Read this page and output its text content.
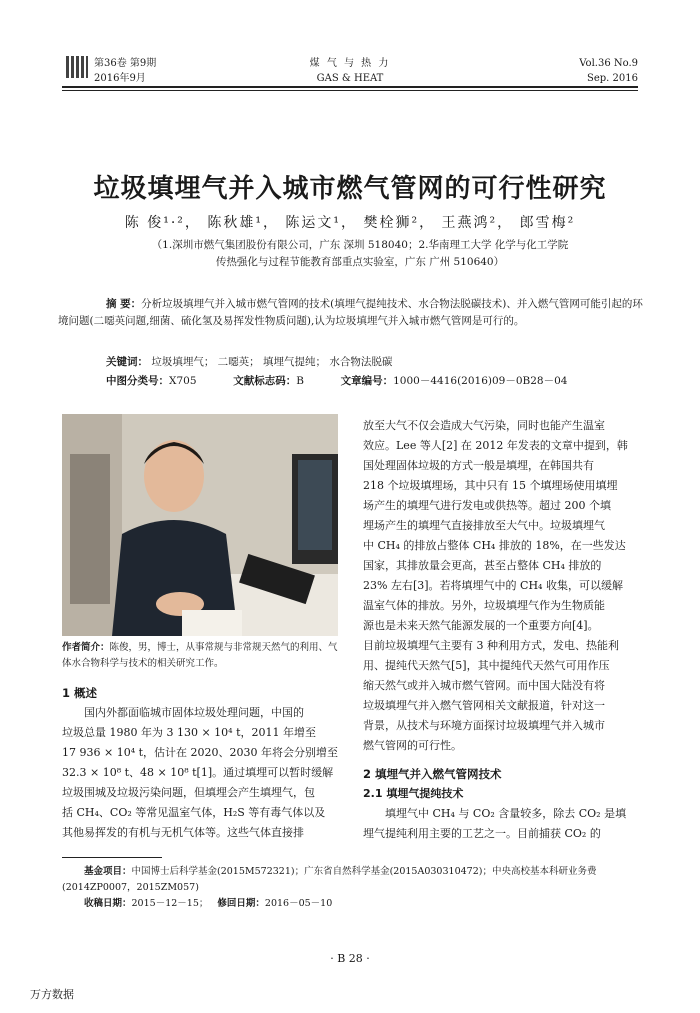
第36卷 第9期
2016年9月
煤 气 与 热 力
GAS & HEAT
Vol.36 No.9
Sep. 2016
垃圾填埋气并入城市燃气管网的可行性研究
陈 俊¹·²， 陈秋雄¹， 陈运文¹， 樊栓狮²， 王燕鸿²， 郎雪梅²
（1.深圳市燃气集团股份有限公司，广东 深圳 518040；2.华南理工大学 化学与化工学院
传热强化与过程节能教育部重点实验室，广东 广州 510640）
摘 要：分析垃圾填埋气并入城市燃气管网的技术(填埋气提纯技术、水合物法脱碳技术)、并入燃气管网可能引起的环境问题(二噁英问题,细菌、硫化氢及易挥发性物质问题),认为垃圾填埋气并入城市燃气管网是可行的。
关键词： 垃圾填埋气； 二噁英； 填埋气提纯； 水合物法脱碳
中图分类号：X705	文献标志码：B	文章编号：1000－4416(2016)09－0B28－04
作者简介：陈俊，男，博士，从事常规与非常规天然气的利用、气体水合物科学与技术的相关研究工作。
1 概述
国内外都面临城市固体垃圾处理问题，中国的
垃圾总量 1980 年为 3 130 × 10⁴ t，2011 年增至
17 936 × 10⁴ t，估计在 2020、2030 年将会分别增至
32.3 × 10⁸ t、48 × 10⁸ t[1]。通过填埋可以暂时缓解
垃圾围城及垃圾污染问题，但填埋会产生填埋气，包
括 CH₄、CO₂ 等常见温室气体，H₂S 等有毒气体以及
其他易挥发的有机与无机气体等。这些气体直接排
放至大气不仅会造成大气污染，同时也能产生温室
效应。Lee 等人[2] 在 2012 年发表的文章中提到，韩
国处理固体垃圾的方式一般是填埋，在韩国共有
218 个垃圾填埋场，其中只有 15 个填埋场使用填埋
场产生的填埋气进行发电或供热等。超过 200 个填
埋场产生的填埋气直接排放至大气中。垃圾填埋气
中 CH₄ 的排放占整体 CH₄ 排放的 18%，在一些发达
国家，其排放量会更高，甚至占整体 CH₄ 排放的
23% 左右[3]。若将填埋气中的 CH₄ 收集，可以缓解
温室气体的排放。另外，垃圾填埋气作为生物质能
源也是未来天然气能源发展的一个重要方向[4]。
目前垃圾填埋气主要有 3 种利用方式，发电、热能利
用、提纯代天然气[5]，其中提纯代天然气可用作压
缩天然气或并入城市燃气管网。而中国大陆没有将
垃圾填埋气并入燃气管网相关文献报道，针对这一
背景，从技术与环境方面探讨垃圾填埋气并入城市
燃气管网的可行性。
2 填埋气并入燃气管网技术
2.1 填埋气提纯技术
填埋气中 CH₄ 与 CO₂ 含量较多，除去 CO₂ 是填
埋气提纯利用主要的工艺之一。目前捕获 CO₂ 的
基金项目：中国博士后科学基金(2015M572321)；广东省自然科学基金(2015A030310472)；中央高校基本科研业务费(2014ZP0007，2015ZM057)
收稿日期：2015－12－15； 修回日期：2016－05－10
· B 28 ·
万方数据
